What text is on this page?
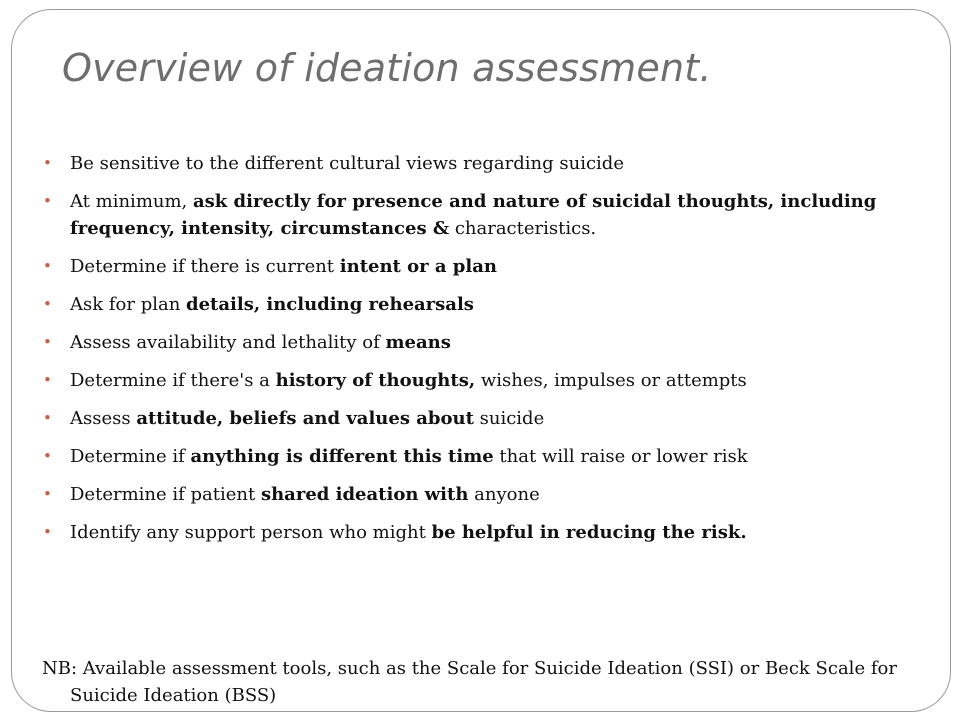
Overview of ideation assessment.
• Be sensitive to the different cultural views regarding suicide
• At minimum, ask directly for presence and nature of suicidal thoughts, including frequency, intensity, circumstances & characteristics.
• Determine if there is current intent or a plan
• Ask for plan details, including rehearsals
• Assess availability and lethality of means
• Determine if there's a history of thoughts, wishes, impulses or attempts
• Assess attitude, beliefs and values about suicide
• Determine if anything is different this time that will raise or lower risk
• Determine if patient shared ideation with anyone
• Identify any support person who might be helpful in reducing the risk.
NB: Available assessment tools, such as the Scale for Suicide Ideation (SSI) or Beck Scale for Suicide Ideation (BSS)
